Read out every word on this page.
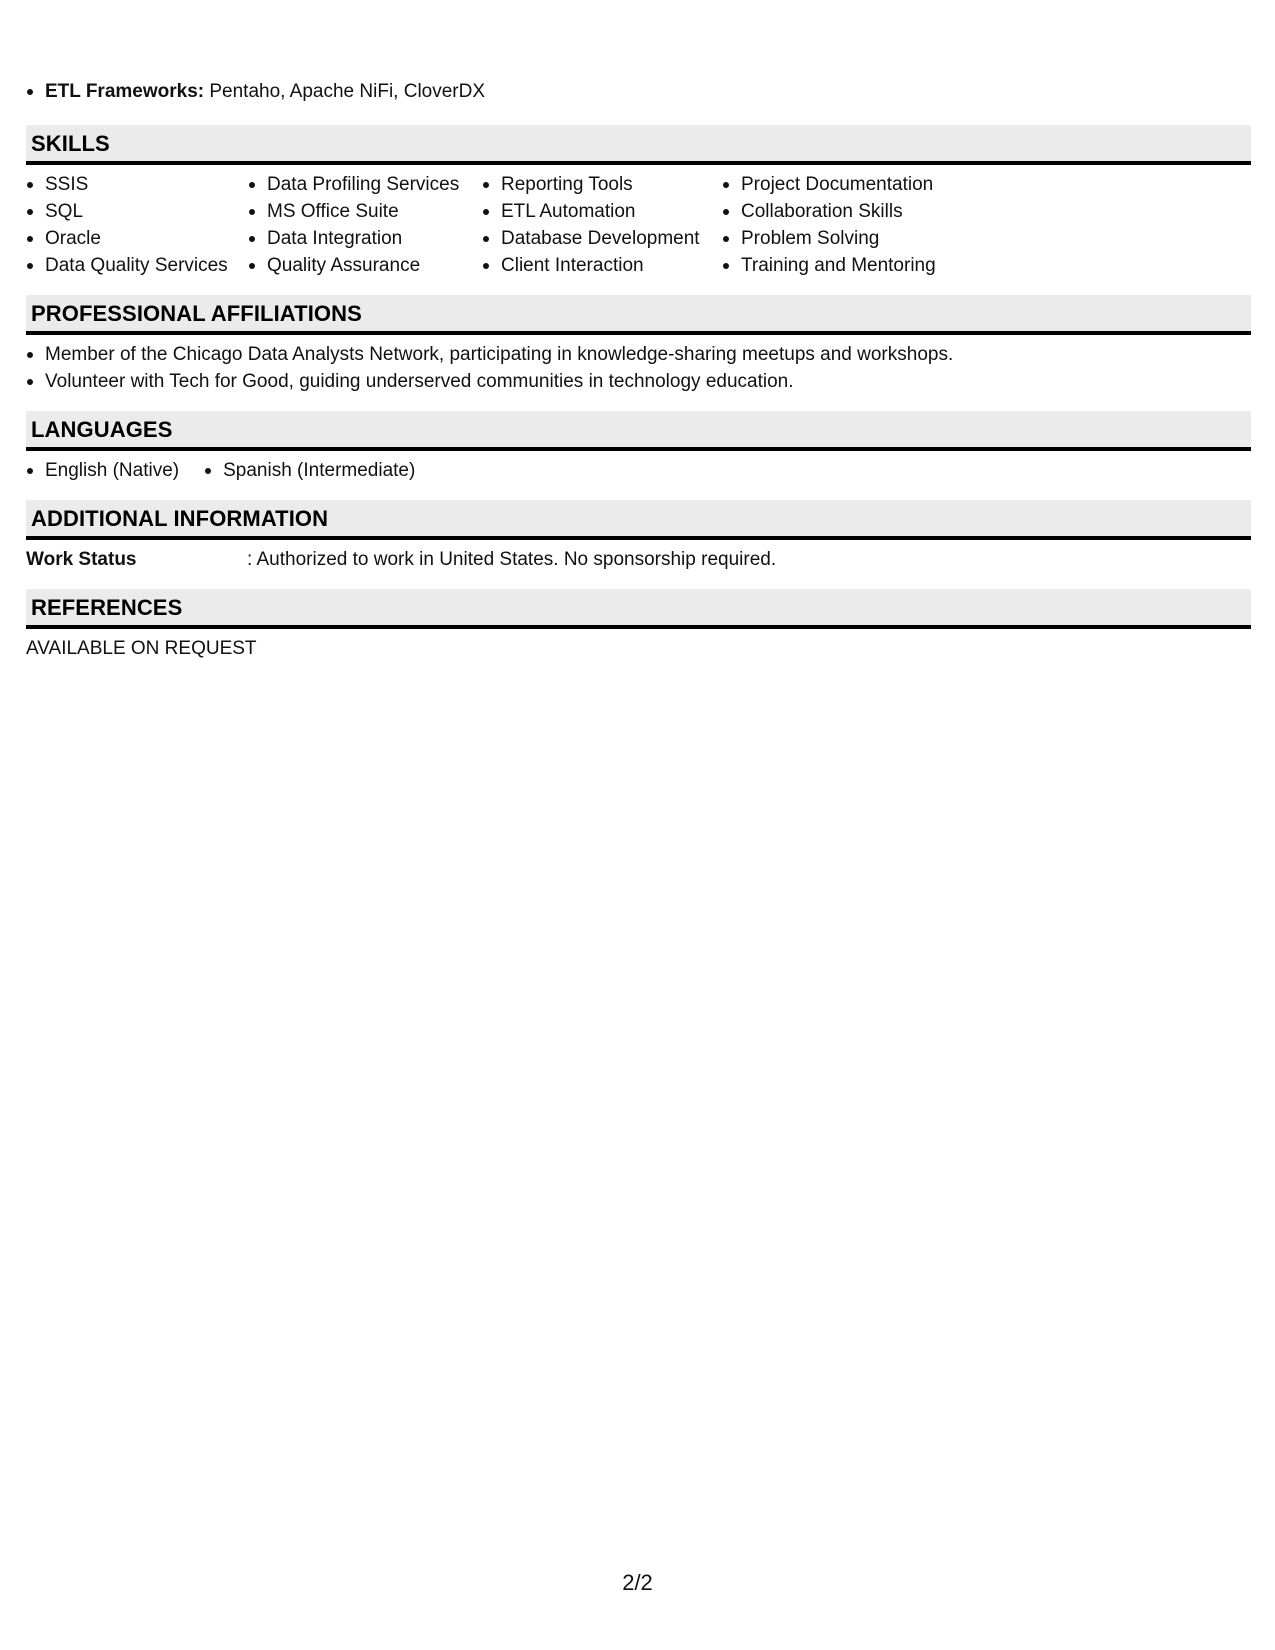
ETL Frameworks: Pentaho, Apache NiFi, CloverDX
SKILLS
SSIS
SQL
Oracle
Data Quality Services
Data Profiling Services
MS Office Suite
Data Integration
Quality Assurance
Reporting Tools
ETL Automation
Database Development
Client Interaction
Project Documentation
Collaboration Skills
Problem Solving
Training and Mentoring
PROFESSIONAL AFFILIATIONS
Member of the Chicago Data Analysts Network, participating in knowledge-sharing meetups and workshops.
Volunteer with Tech for Good, guiding underserved communities in technology education.
LANGUAGES
English (Native)	Spanish (Intermediate)
ADDITIONAL INFORMATION
Work Status	: Authorized to work in United States. No sponsorship required.
REFERENCES
AVAILABLE ON REQUEST
2/2
